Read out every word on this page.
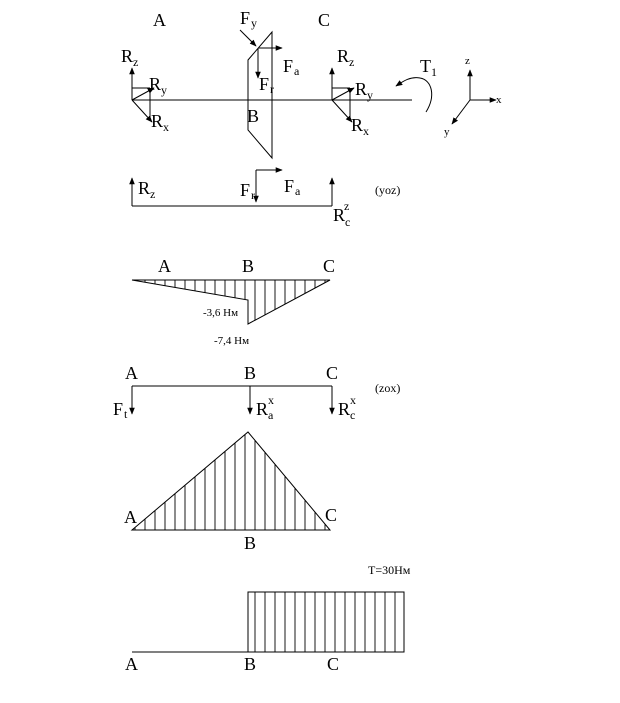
A	C
B
F y
F a
F r
R z
R y
R x
R z
R y
R x
T 1
z
x
y
R z	F r F a
R
z
c
(yoz)
A	B	C
-3,6 Нм
-7,4 Нм
A	B	C
F t	R x
a	R x
c
(zox)
A
B
C
T=30Нм
A	B	C
